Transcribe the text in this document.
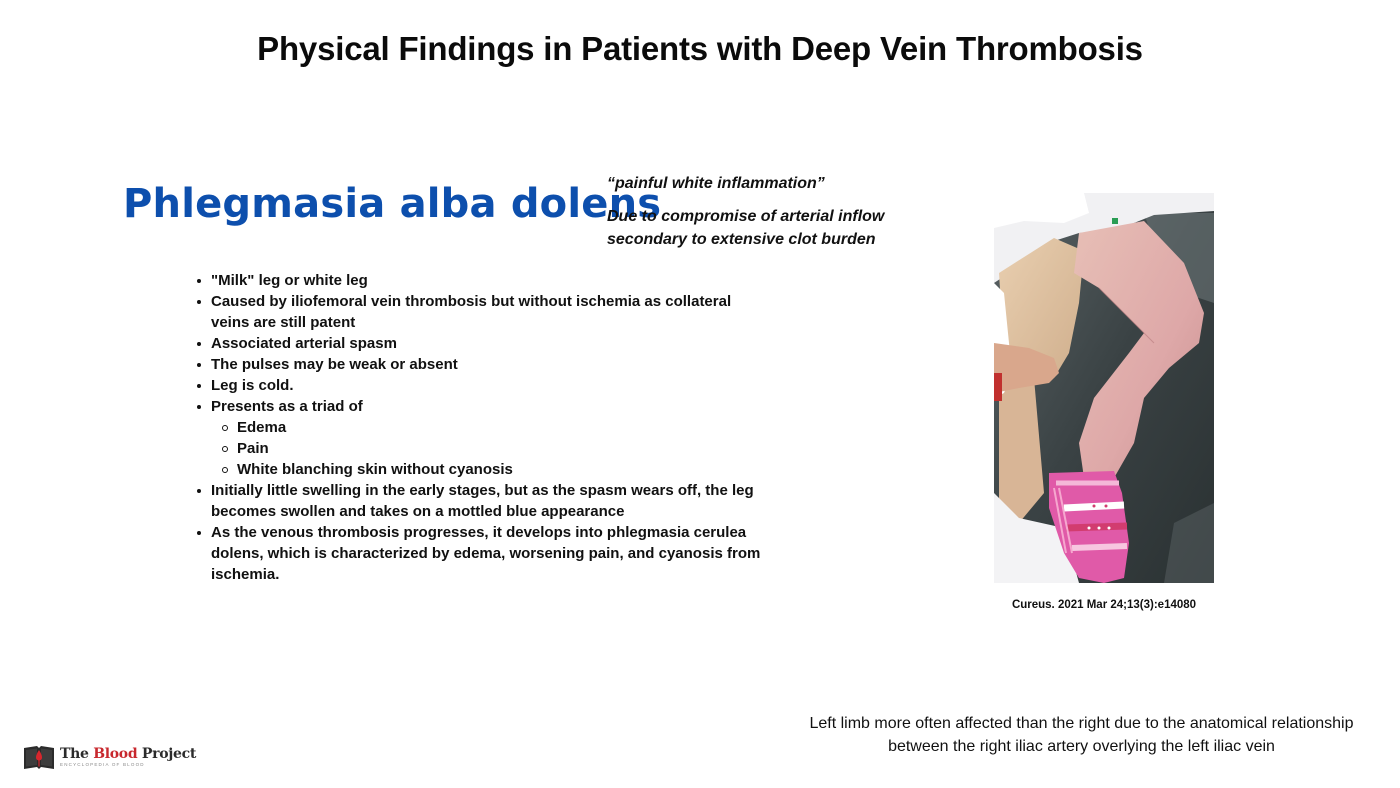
Physical Findings in Patients with Deep Vein Thrombosis
Phlegmasia alba dolens

“painful white inflammation”

Due to compromise of arterial inflow secondary to extensive clot burden

"Milk" leg or white leg
Caused by iliofemoral vein thrombosis but without ischemia as collateral veins are still patent
Associated arterial spasm
The pulses may be weak or absent
Leg is cold.
Presents as a triad of
Edema
Pain
White blanching skin without cyanosis
Initially little swelling in the early stages, but as the spasm wears off, the leg becomes swollen and takes on a mottled blue appearance
As the venous thrombosis progresses, it develops into phlegmasia cerulea dolens, which is characterized by edema, worsening pain, and cyanosis from ischemia.
Cureus. 2021 Mar 24;13(3):e14080
Left limb more often affected than the right due to the anatomical relationship between the right iliac artery overlying the left iliac vein
The Blood Project
ENCYCLOPEDIA OF BLOOD
